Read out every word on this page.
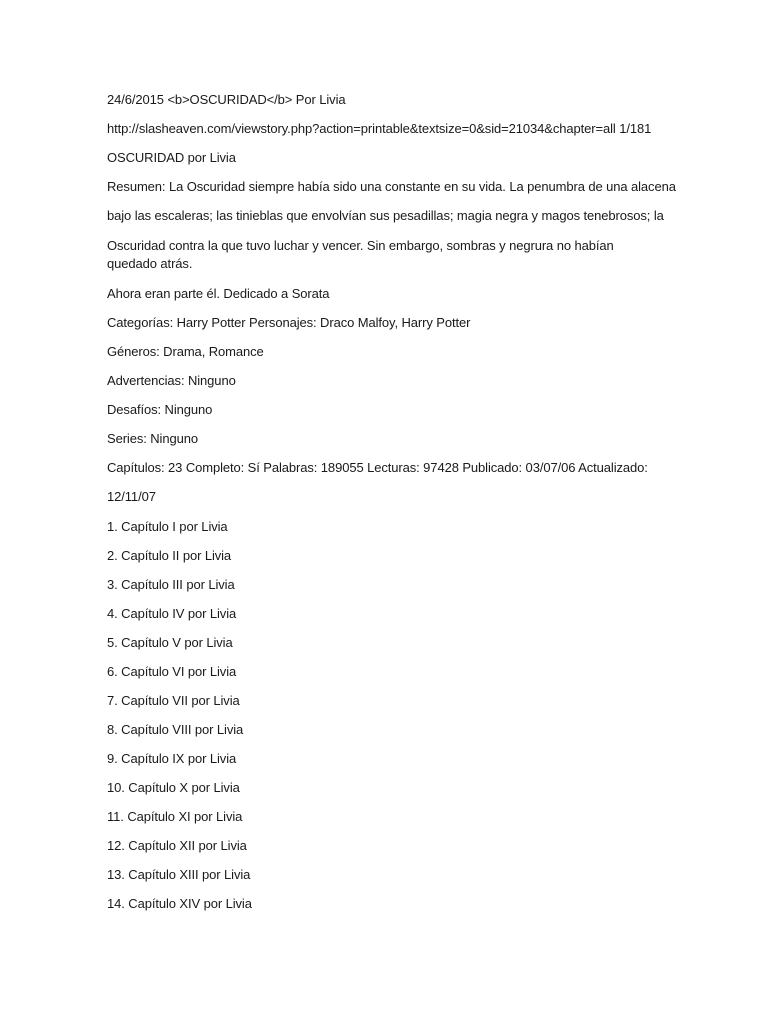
24/6/2015 <b>OSCURIDAD</b> Por Livia
http://slasheaven.com/viewstory.php?action=printable&textsize=0&sid=21034&chapter=all 1/181
OSCURIDAD por Livia
Resumen: La Oscuridad siempre había sido una constante en su vida. La penumbra de una alacena
bajo las escaleras; las tinieblas que envolvían sus pesadillas; magia negra y magos tenebrosos; la
Oscuridad contra la que tuvo luchar y vencer. Sin embargo, sombras y negrura no habían quedado atrás.
Ahora eran parte él. Dedicado a Sorata
Categorías: Harry Potter Personajes: Draco Malfoy, Harry Potter
Géneros: Drama, Romance
Advertencias: Ninguno
Desafíos: Ninguno
Series: Ninguno
Capítulos: 23 Completo: Sí Palabras: 189055 Lecturas: 97428 Publicado: 03/07/06 Actualizado:
12/11/07
1. Capítulo I por Livia
2. Capítulo II por Livia
3. Capítulo III por Livia
4. Capítulo IV por Livia
5. Capítulo V por Livia
6. Capítulo VI por Livia
7. Capítulo VII por Livia
8. Capítulo VIII por Livia
9. Capítulo IX por Livia
10. Capítulo X por Livia
11. Capítulo XI por Livia
12. Capítulo XII por Livia
13. Capítulo XIII por Livia
14. Capítulo XIV por Livia
